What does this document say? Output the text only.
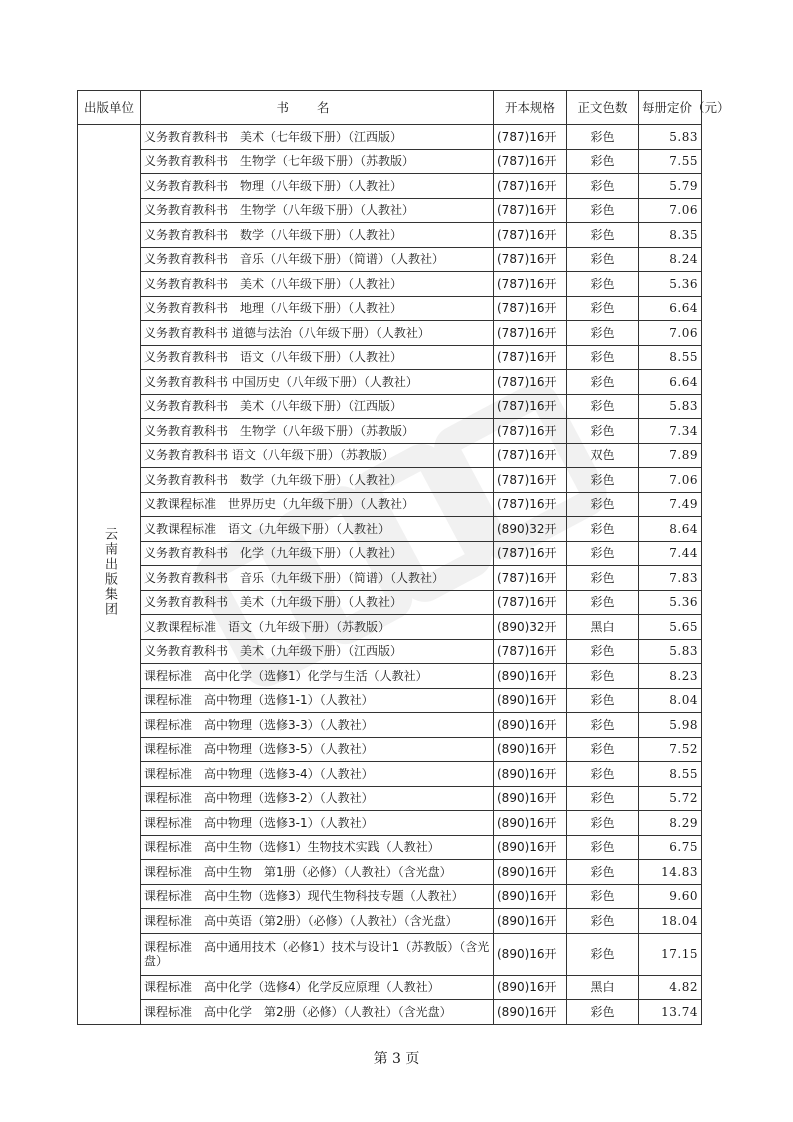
出版单位	书名	开本规格	正文色数	每册定价（元）
云南出版集团	义务教育教科书　美术（七年级下册）（江西版）	(787)16开	彩色	5.83
	义务教育教科书　生物学（七年级下册）（苏教版）	(787)16开	彩色	7.55
	义务教育教科书　物理（八年级下册）（人教社）	(787)16开	彩色	5.79
	义务教育教科书　生物学（八年级下册）（人教社）	(787)16开	彩色	7.06
	义务教育教科书　数学（八年级下册）（人教社）	(787)16开	彩色	8.35
	义务教育教科书　音乐（八年级下册）（简谱）（人教社）	(787)16开	彩色	8.24
	义务教育教科书　美术（八年级下册）（人教社）	(787)16开	彩色	5.36
	义务教育教科书　地理（八年级下册）（人教社）	(787)16开	彩色	6.64
	义务教育教科书 道德与法治（八年级下册）（人教社）	(787)16开	彩色	7.06
	义务教育教科书　语文（八年级下册）（人教社）	(787)16开	彩色	8.55
	义务教育教科书 中国历史（八年级下册）（人教社）	(787)16开	彩色	6.64
	义务教育教科书　美术（八年级下册）（江西版）	(787)16开	彩色	5.83
	义务教育教科书　生物学（八年级下册）（苏教版）	(787)16开	彩色	7.34
	义务教育教科书 语文（八年级下册）（苏教版）	(787)16开	双色	7.89
	义务教育教科书　数学（九年级下册）（人教社）	(787)16开	彩色	7.06
	义教课程标准　世界历史（九年级下册）（人教社）	(787)16开	彩色	7.49
	义教课程标准　语文（九年级下册）（人教社）	(890)32开	彩色	8.64
	义务教育教科书　化学（九年级下册）（人教社）	(787)16开	彩色	7.44
	义务教育教科书　音乐（九年级下册）（简谱）（人教社）	(787)16开	彩色	7.83
	义务教育教科书　美术（九年级下册）（人教社）	(787)16开	彩色	5.36
	义教课程标准　语文（九年级下册）（苏教版）	(890)32开	黑白	5.65
	义务教育教科书　美术（九年级下册）（江西版）	(787)16开	彩色	5.83
	课程标准　高中化学（选修1）化学与生活（人教社）	(890)16开	彩色	8.23
	课程标准　高中物理（选修1-1）（人教社）	(890)16开	彩色	8.04
	课程标准　高中物理（选修3-3）（人教社）	(890)16开	彩色	5.98
	课程标准　高中物理（选修3-5）（人教社）	(890)16开	彩色	7.52
	课程标准　高中物理（选修3-4）（人教社）	(890)16开	彩色	8.55
	课程标准　高中物理（选修3-2）（人教社）	(890)16开	彩色	5.72
	课程标准　高中物理（选修3-1）（人教社）	(890)16开	彩色	8.29
	课程标准　高中生物（选修1）生物技术实践（人教社）	(890)16开	彩色	6.75
	课程标准　高中生物　第1册（必修）（人教社）（含光盘）	(890)16开	彩色	14.83
	课程标准　高中生物（选修3）现代生物科技专题（人教社）	(890)16开	彩色	9.60
	课程标准　高中英语（第2册）（必修）（人教社）（含光盘）	(890)16开	彩色	18.04
	课程标准　高中通用技术（必修1）技术与设计1（苏教版）（含光盘）	(890)16开	彩色	17.15
	课程标准　高中化学（选修4）化学反应原理（人教社）	(890)16开	黑白	4.82
	课程标准　高中化学　第2册（必修）（人教社）（含光盘）	(890)16开	彩色	13.74
第 3 页
